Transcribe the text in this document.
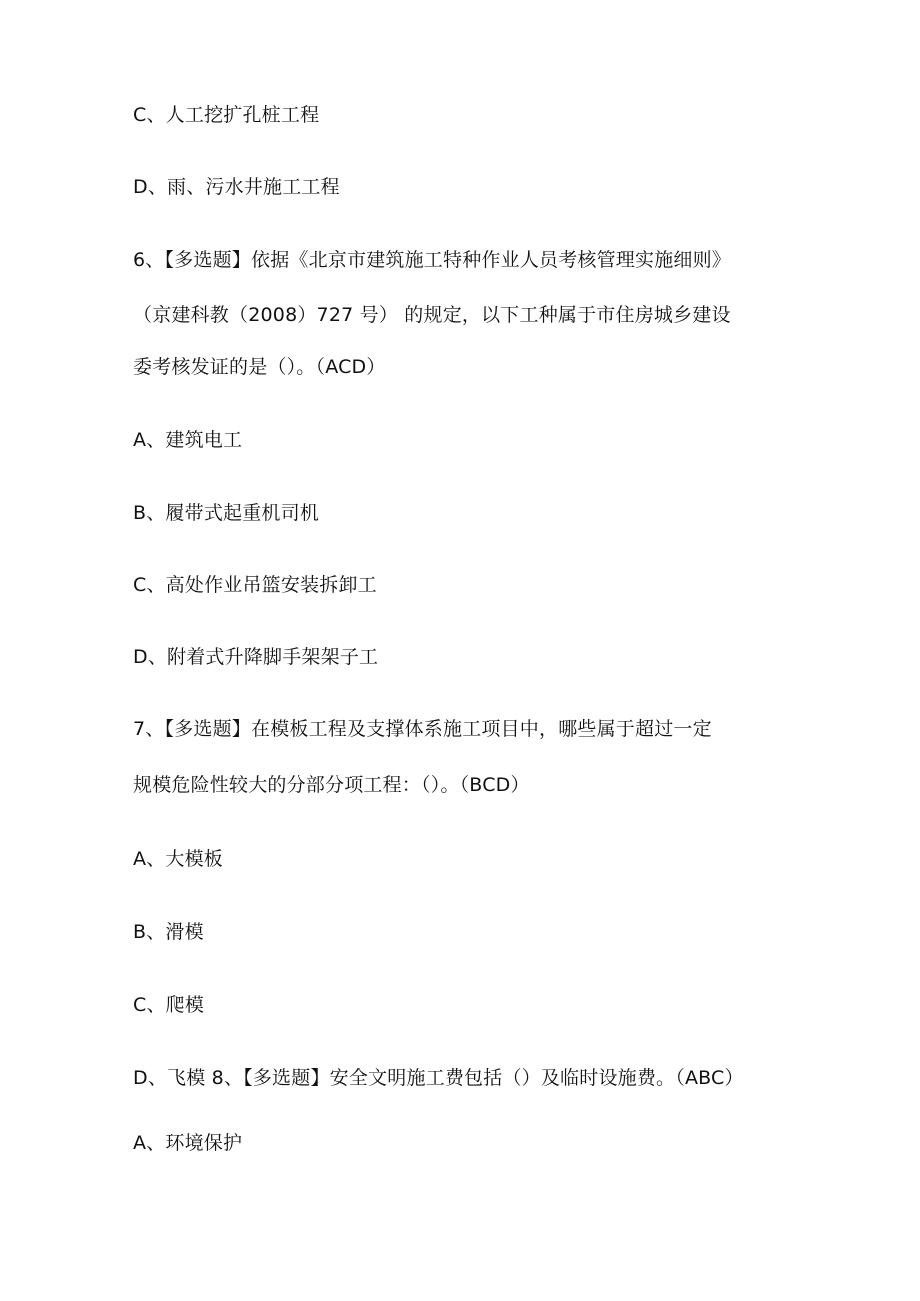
C、人工挖扩孔桩工程
D、雨、污水井施工工程
6、【多选题】依据《北京市建筑施工特种作业人员考核管理实施细则》
（京建科教（2008）727 号） 的规定，以下工种属于市住房城乡建设
委考核发证的是（）。（ACD）
A、建筑电工
B、履带式起重机司机
C、高处作业吊篮安装拆卸工
D、附着式升降脚手架架子工
7、【多选题】在模板工程及支撑体系施工项目中，哪些属于超过一定
规模危险性较大的分部分项工程：（）。（BCD）
A、大模板
B、滑模
C、爬模
D、飞模 8、【多选题】安全文明施工费包括（）及临时设施费。（ABC）
A、环境保护
